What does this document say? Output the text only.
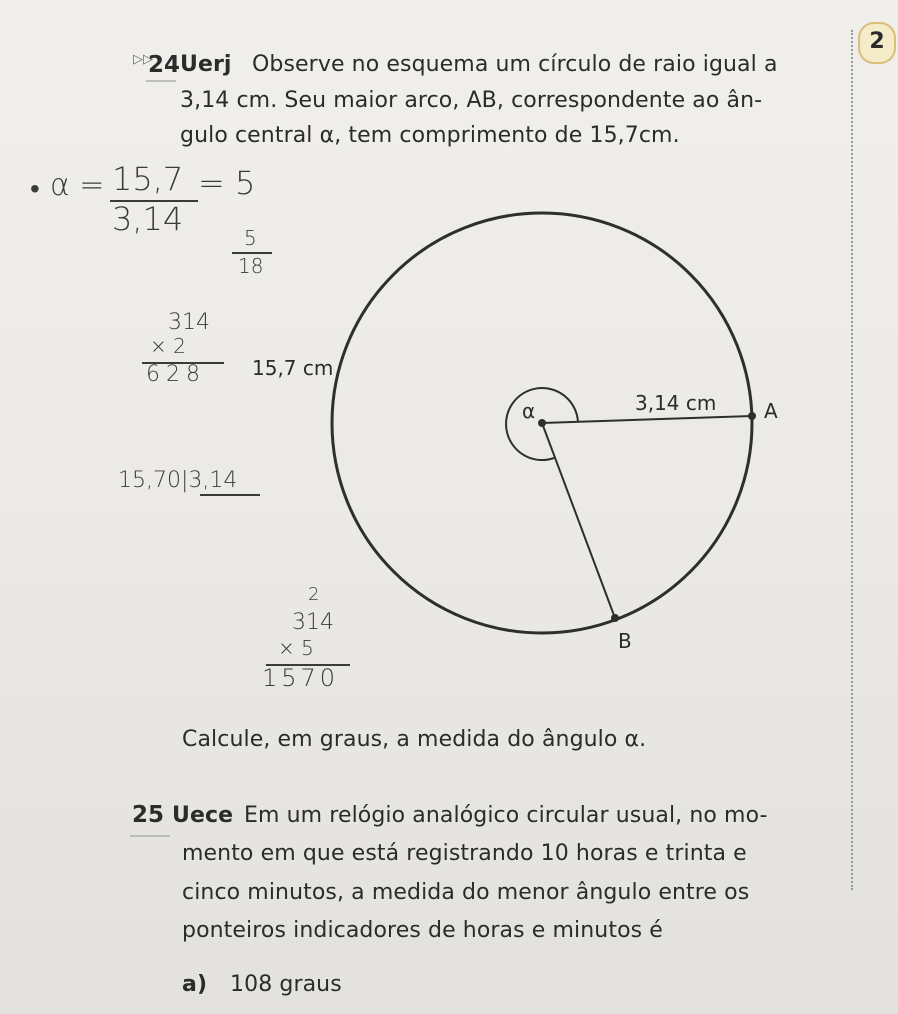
2
▷▷
24 Uerj Observe no esquema um círculo de raio igual a
3,14 cm. Seu maior arco, AB, correspondente ao ân-
gulo central α, tem comprimento de 15,7cm.
• α = 15,7
3,14
= 5
5
18
314
× 2
628
15,70|3,14
2
314
× 5
1570
15,7 cm
3,14 cm
α	A
B
Calcule, em graus, a medida do ângulo α.
25 Uece Em um relógio analógico circular usual, no mo-
mento em que está registrando 10 horas e trinta e
cinco minutos, a medida do menor ângulo entre os
ponteiros indicadores de horas e minutos é
a) 108 graus
